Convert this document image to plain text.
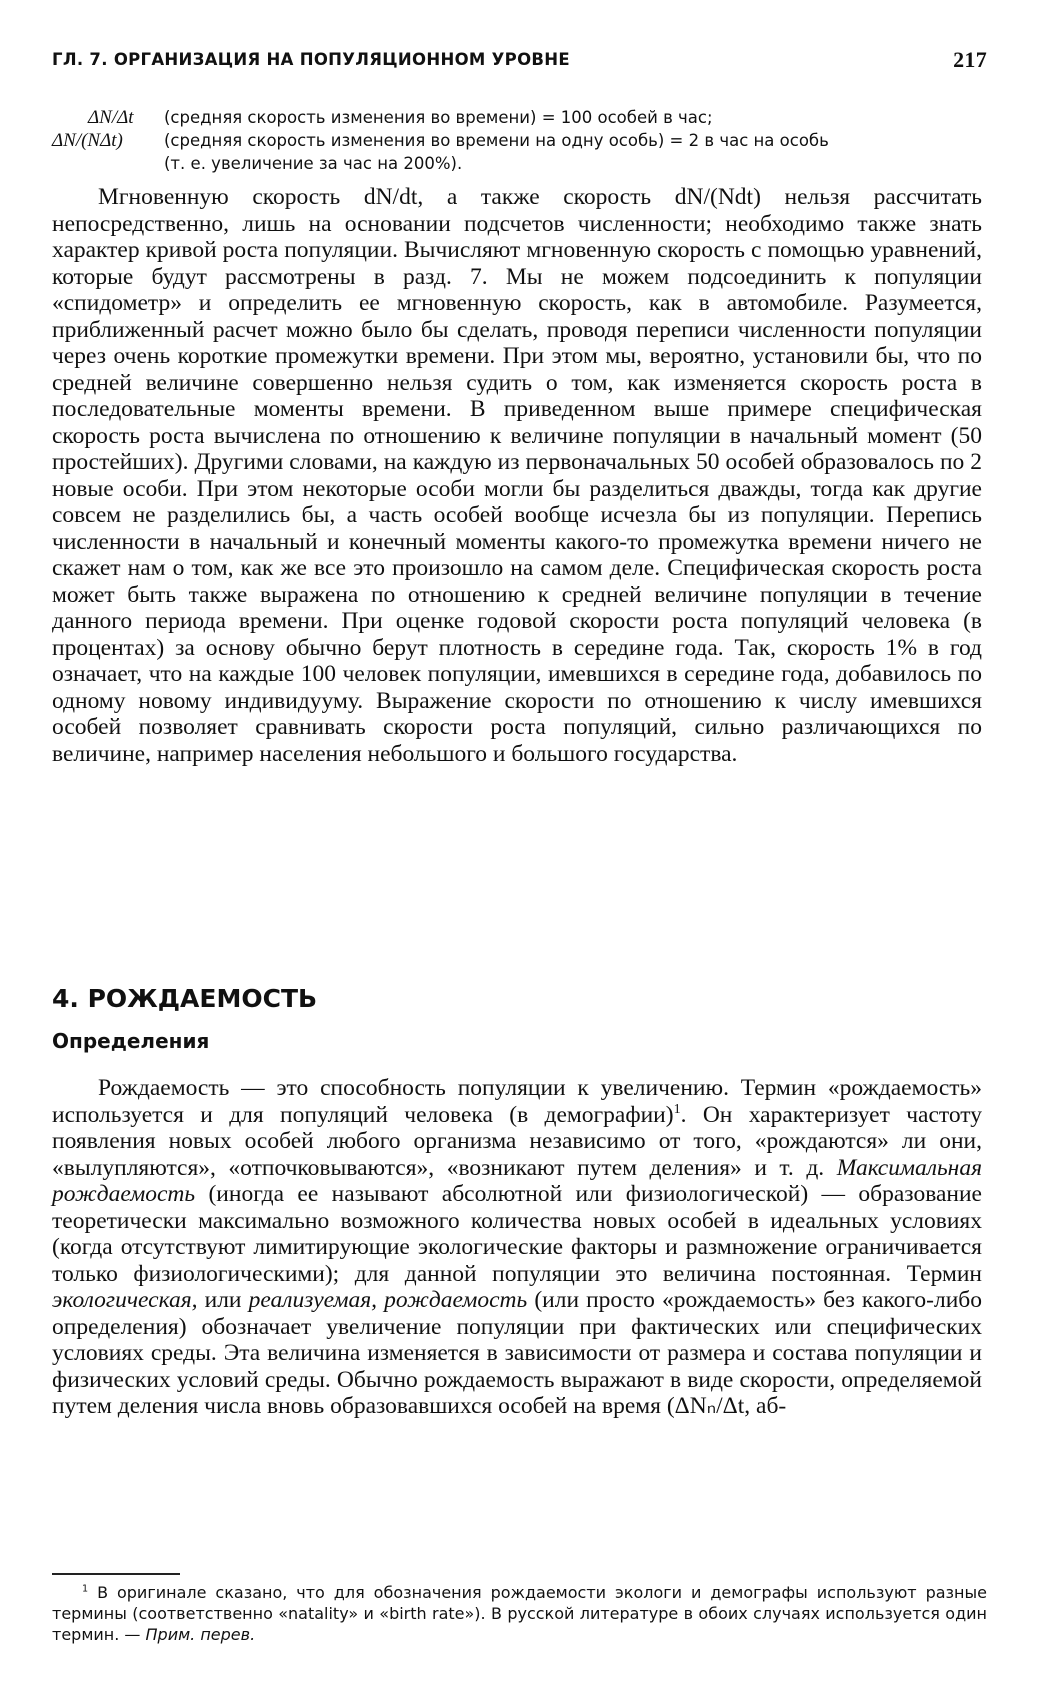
ГЛ. 7. ОРГАНИЗАЦИЯ НА ПОПУЛЯЦИОННОМ УРОВНЕ	217
ΔN/Δt (средняя скорость изменения во времени) = 100 особей в час;
ΔN/(NΔt) (средняя скорость изменения во времени на одну особь) = 2 в час на особь
(т. е. увеличение за час на 200%).

Мгновенную скорость dN/dt, а также скорость dN/(Ndt) нельзя рассчитать непосредственно, лишь на основании подсчетов численности; необходимо также знать характер кривой роста популяции. Вычисляют мгновенную скорость с помощью уравнений, которые будут рассмотрены в разд. 7. Мы не можем подсоединить к популяции «спидометр» и определить ее мгновенную скорость, как в автомобиле. Разумеется, приближенный расчет можно было бы сделать, проводя переписи численности популяции через очень короткие промежутки времени. При этом мы, вероятно, установили бы, что по средней величине совершенно нельзя судить о том, как изменяется скорость роста в последовательные моменты времени. В приведенном выше примере специфическая скорость роста вычислена по отношению к величине популяции в начальный момент (50 простейших). Другими словами, на каждую из первоначальных 50 особей образовалось по 2 новые особи. При этом некоторые особи могли бы разделиться дважды, тогда как другие совсем не разделились бы, а часть особей вообще исчезла бы из популяции. Перепись численности в начальный и конечный моменты какого-то промежутка времени ничего не скажет нам о том, как же все это произошло на самом деле. Специфическая скорость роста может быть также выражена по отношению к средней величине популяции в течение данного периода времени. При оценке годовой скорости роста популяций человека (в процентах) за основу обычно берут плотность в середине года. Так, скорость 1% в год означает, что на каждые 100 человек популяции, имевшихся в середине года, добавилось по одному новому индивидууму. Выражение скорости по отношению к числу имевшихся особей позволяет сравнивать скорости роста популяций, сильно различающихся по величине, например населения небольшого и большого государства.

4. РОЖДАЕМОСТЬ
Определения

Рождаемость — это способность популяции к увеличению. Термин «рождаемость» используется и для популяций человека (в демографии)$^1$. Он характеризует частоту появления новых особей любого организма независимо от того, «рождаются» ли они, «вылупляются», «отпочковываются», «возникают путем деления» и т. д. Максимальная рождаемость (иногда ее называют абсолютной или физиологической) — образование теоретически максимально возможного количества новых особей в идеальных условиях (когда отсутствуют лимитирующие экологические факторы и размножение ограничивается только физиологическими); для данной популяции это величина постоянная. Термин экологическая, или реализуемая, рождаемость (или просто «рождаемость» без какого-либо определения) обозначает увеличение популяции при фактических или специфических условиях среды. Эта величина изменяется в зависимости от размера и состава популяции и физических условий среды. Обычно рождаемость выражают в виде скорости, определяемой путем деления числа вновь образовавшихся особей на время (ΔNₙ/Δt, аб-

$^1$ В оригинале сказано, что для обозначения рождаемости экологи и демографы используют разные термины (соответственно «natality» и «birth rate»). В русской литературе в обоих случаях используется один термин. — Прим. перев.
